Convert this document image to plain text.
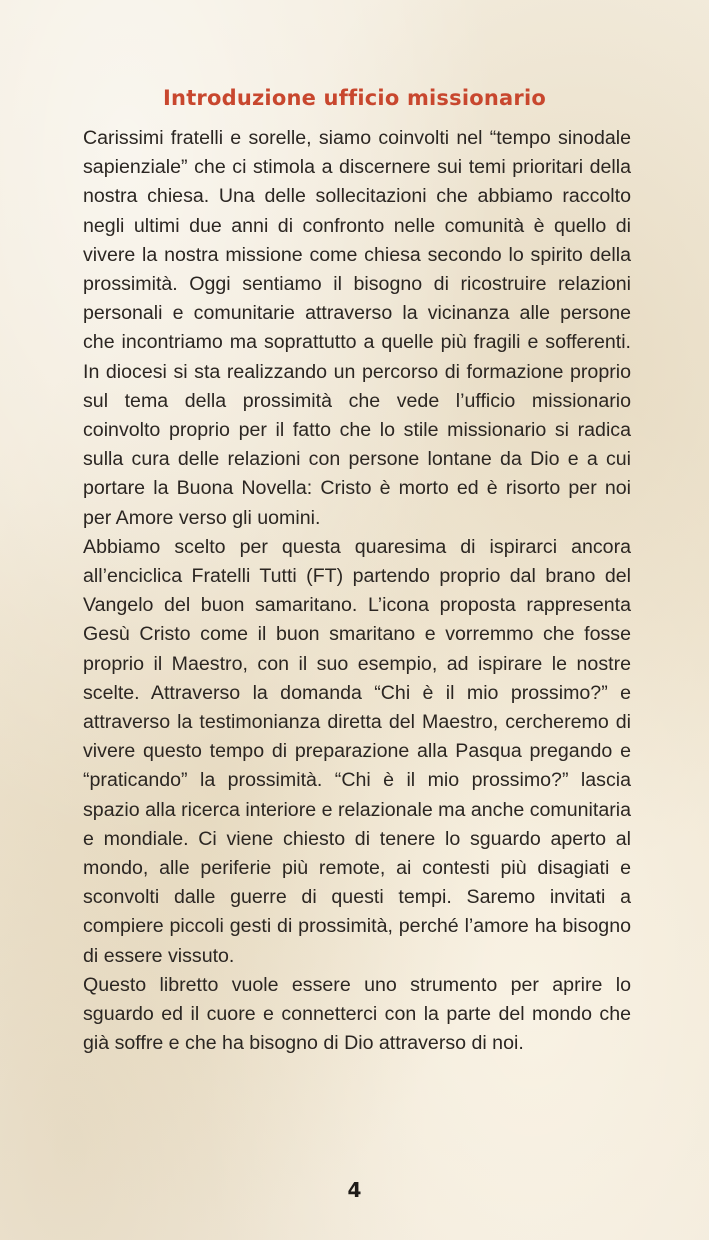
Introduzione ufficio missionario

Carissimi fratelli e sorelle, siamo coinvolti nel “tempo sinodale sapienziale” che ci stimola a discernere sui temi prioritari della nostra chiesa. Una delle sollecitazioni che abbiamo raccolto negli ultimi due anni di confronto nelle comunità è quello di vivere la nostra missione come chiesa secondo lo spirito della prossimità. Oggi sentiamo il bisogno di ricostruire relazioni personali e comunitarie attraverso la vicinanza alle persone che incontriamo ma soprattutto a quelle più fragili e sofferenti. In diocesi si sta realizzando un percorso di formazione proprio sul tema della prossimità che vede l’ufficio missionario coinvolto proprio per il fatto che lo stile missionario si radica sulla cura delle relazioni con persone lontane da Dio e a cui portare la Buona Novella: Cristo è morto ed è risorto per noi per Amore verso gli uomini.

Abbiamo scelto per questa quaresima di ispirarci ancora all’enciclica Fratelli Tutti (FT) partendo proprio dal brano del Vangelo del buon samaritano. L’icona proposta rappresenta Gesù Cristo come il buon smaritano e vorremmo che fosse proprio il Maestro, con il suo esempio, ad ispirare le nostre scelte. Attraverso la domanda “Chi è il mio prossimo?” e attraverso la testimonianza diretta del Maestro, cercheremo di vivere questo tempo di preparazione alla Pasqua pregando e “praticando” la prossimità. “Chi è il mio prossimo?” lascia spazio alla ricerca interiore e relazionale ma anche comunitaria e mondiale. Ci viene chiesto di tenere lo sguardo aperto al mondo, alle periferie più remote, ai contesti più disagiati e sconvolti dalle guerre di questi tempi. Saremo invitati a compiere piccoli gesti di prossimità, perché l’amore ha bisogno di essere vissuto.

Questo libretto vuole essere uno strumento per aprire lo sguardo ed il cuore e connetterci con la parte del mondo che già soffre e che ha bisogno di Dio attraverso di noi.

4
